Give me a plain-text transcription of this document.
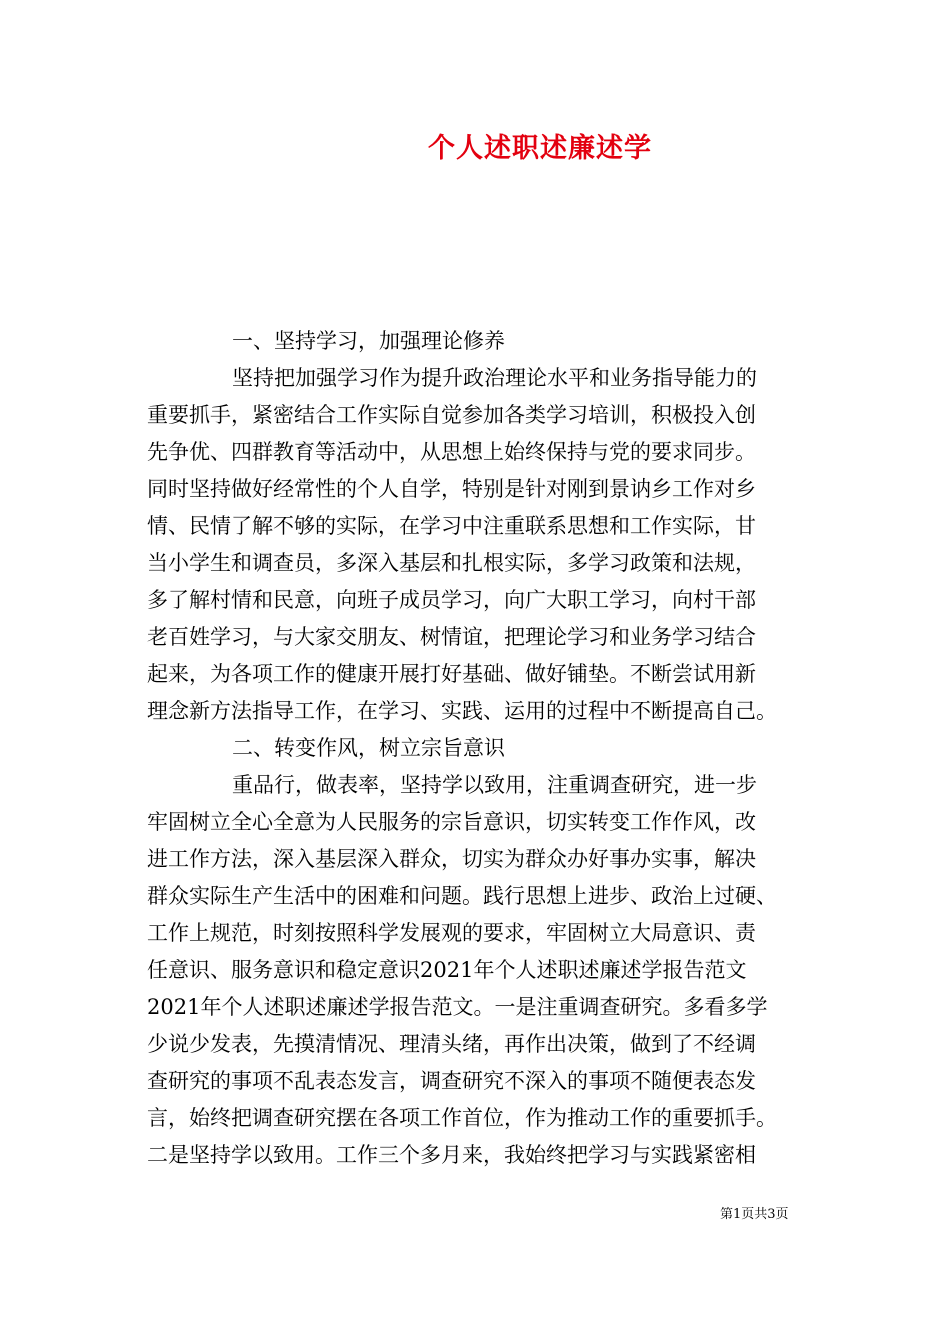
个人述职述廉述学
一、坚持学习，加强理论修养
坚持把加强学习作为提升政治理论水平和业务指导能力的
重要抓手，紧密结合工作实际自觉参加各类学习培训，积极投入创
先争优、四群教育等活动中，从思想上始终保持与党的要求同步。
同时坚持做好经常性的个人自学，特别是针对刚到景讷乡工作对乡
情、民情了解不够的实际，在学习中注重联系思想和工作实际，甘
当小学生和调查员，多深入基层和扎根实际，多学习政策和法规，
多了解村情和民意，向班子成员学习，向广大职工学习，向村干部
老百姓学习，与大家交朋友、树情谊，把理论学习和业务学习结合
起来，为各项工作的健康开展打好基础、做好铺垫。不断尝试用新
理念新方法指导工作，在学习、实践、运用的过程中不断提高自己。
二、转变作风，树立宗旨意识
重品行，做表率，坚持学以致用，注重调查研究，进一步
牢固树立全心全意为人民服务的宗旨意识，切实转变工作作风，改
进工作方法，深入基层深入群众，切实为群众办好事办实事，解决
群众实际生产生活中的困难和问题。践行思想上进步、政治上过硬、
工作上规范，时刻按照科学发展观的要求，牢固树立大局意识、责
任意识、服务意识和稳定意识2021年个人述职述廉述学报告范文
2021年个人述职述廉述学报告范文。一是注重调查研究。多看多学
少说少发表，先摸清情况、理清头绪，再作出决策，做到了不经调
查研究的事项不乱表态发言，调查研究不深入的事项不随便表态发
言，始终把调查研究摆在各项工作首位，作为推动工作的重要抓手。
二是坚持学以致用。工作三个多月来，我始终把学习与实践紧密相
第1页共3页
